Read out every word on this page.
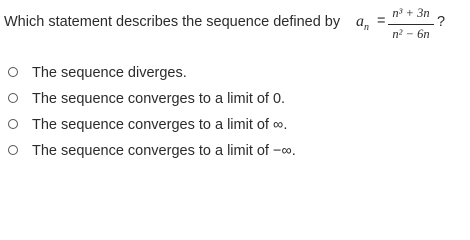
Which statement describes the sequence defined by $a_n = n^3 + 3n$
n² − 6n
?
The sequence diverges.
The sequence converges to a limit of 0.
The sequence converges to a limit of ∞.
The sequence converges to a limit of −∞.
